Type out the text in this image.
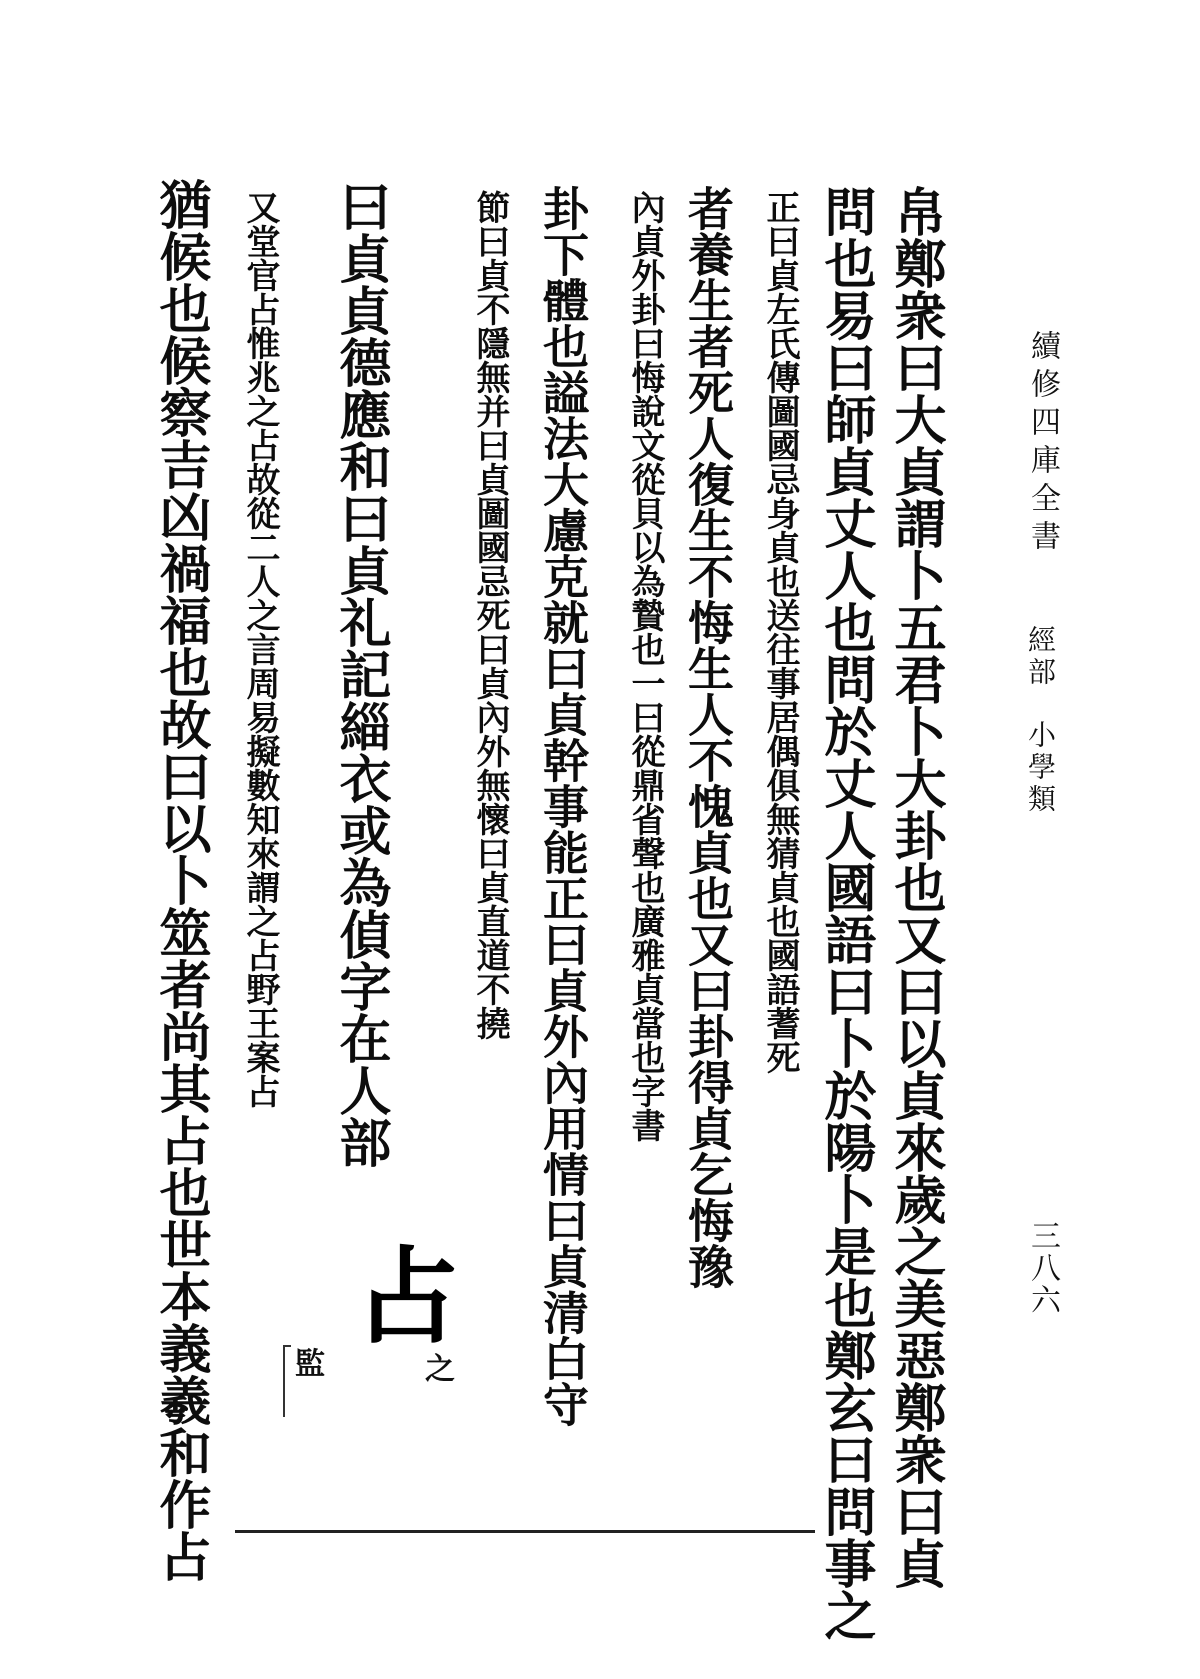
續修四庫全書
經部
小學類
三八六
帛鄭衆曰大貞謂卜五君卜大卦也又曰以貞來歲之美惡鄭衆曰貞
問也易曰師貞丈人也問於丈人國語曰卜於陽卜是也鄭玄曰問事之
正曰貞左氏傳圖國忌身貞也送往事居偶俱無猜貞也國語蓍死
者養生者死人復生不悔生人不愧貞也又曰卦得貞乞悔豫
內貞外卦曰悔說文從貝以為贄也一曰從鼎省聲也廣雅貞當也字書
卦下體也謚法大慮克就曰貞幹事能正曰貞外內用情曰貞清白守
節曰貞不隱無并曰貞圖國忌死曰貞內外無懷曰貞直道不撓
曰貞貞德應和曰貞礼記緇衣或為偵字在人部
又堂官占惟兆之占故從二人之言周易擬數知來謂之占野王案占
猶候也候察吉凶禍福也故曰以卜筮者尚其占也世本義羲和作占 占
之
監
